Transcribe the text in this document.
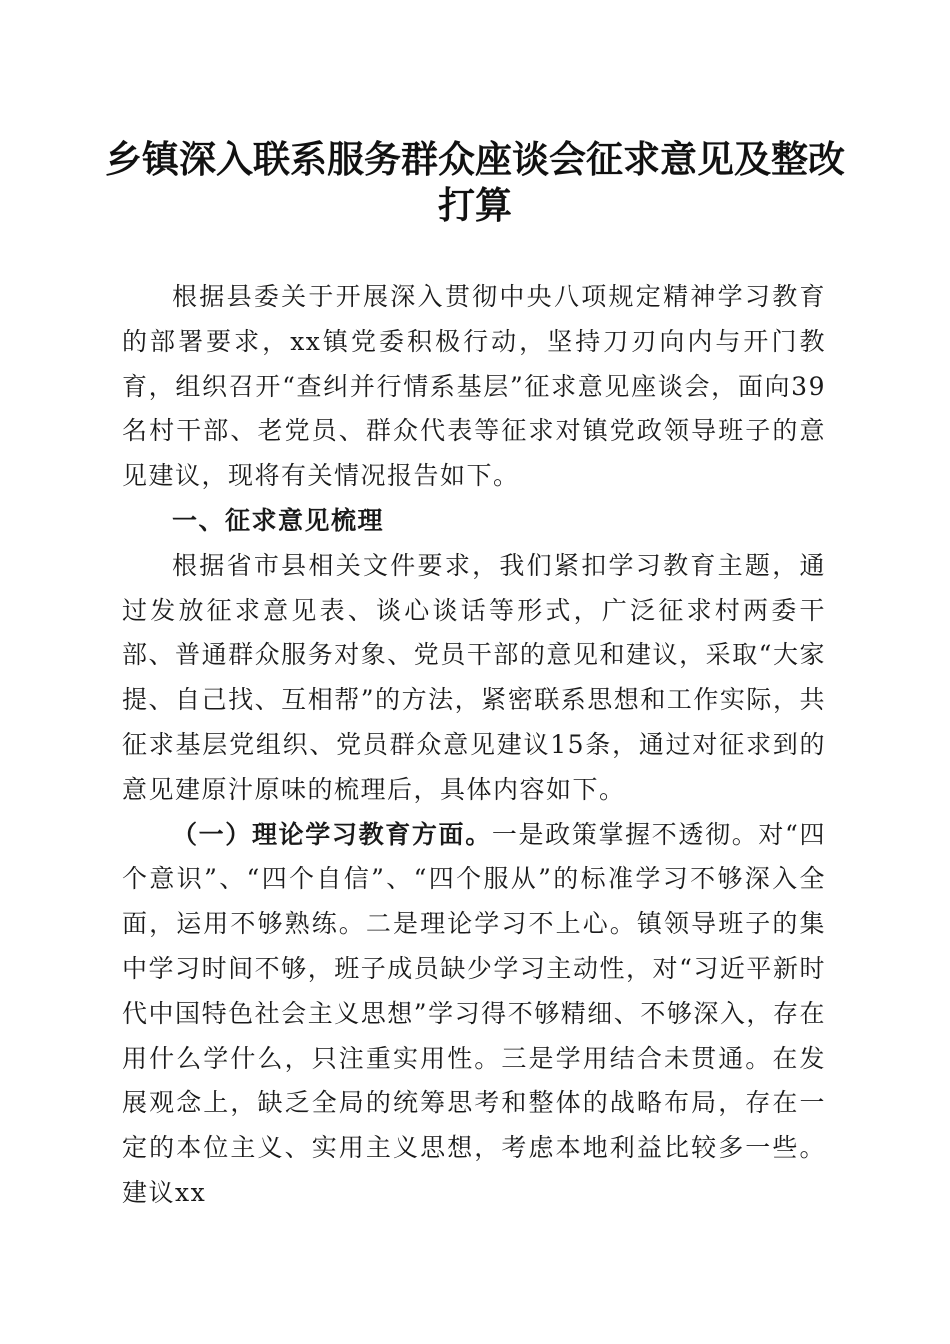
乡镇深入联系服务群众座谈会征求意见及整改
打算

根据县委关于开展深入贯彻中央八项规定精神学习教育的部署要求，xx镇党委积极行动，坚持刀刃向内与开门教育，组织召开“查纠并行情系基层”征求意见座谈会，面向39名村干部、老党员、群众代表等征求对镇党政领导班子的意见建议，现将有关情况报告如下。

一、征求意见梳理

根据省市县相关文件要求，我们紧扣学习教育主题，通过发放征求意见表、谈心谈话等形式，广泛征求村两委干部、普通群众服务对象、党员干部的意见和建议，采取“大家提、自己找、互相帮”的方法，紧密联系思想和工作实际，共征求基层党组织、党员群众意见建议15条，通过对征求到的意见建原汁原味的梳理后，具体内容如下。

（一）理论学习教育方面。一是政策掌握不透彻。对“四个意识”、“四个自信”、“四个服从”的标准学习不够深入全面，运用不够熟练。二是理论学习不上心。镇领导班子的集中学习时间不够，班子成员缺少学习主动性，对“习近平新时代中国特色社会主义思想”学习得不够精细、不够深入，存在用什么学什么，只注重实用性。三是学用结合未贯通。在发展观念上，缺乏全局的统筹思考和整体的战略布局，存在一定的本位主义、实用主义思想，考虑本地利益比较多一些。建议xx
